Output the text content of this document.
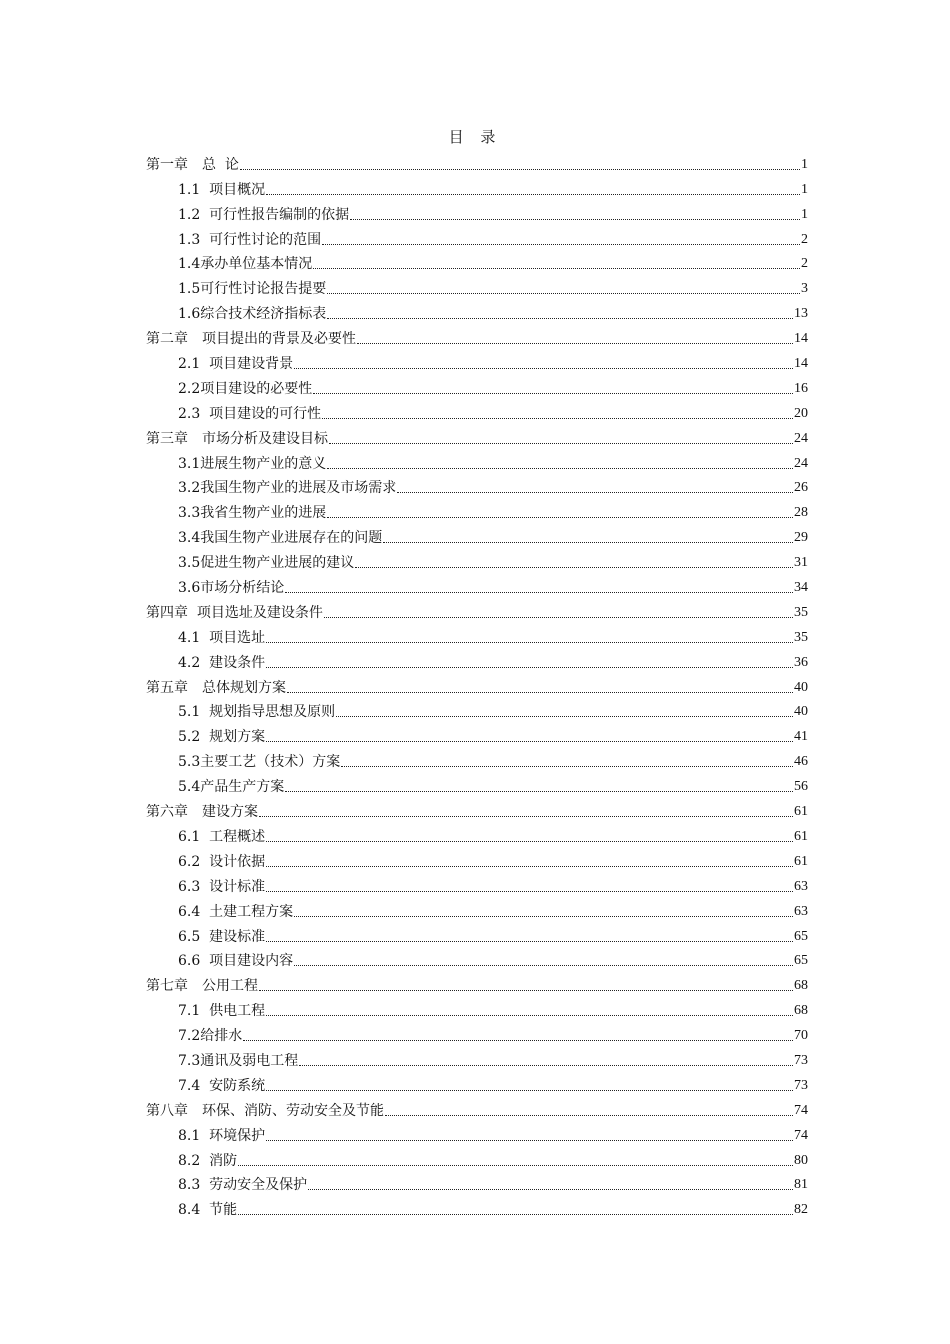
目 录
第一章　总  论	1
1.1  项目概况	1
1.2  可行性报告编制的依据	1
1.3  可行性讨论的范围	2
1.4承办单位基本情况	2
1.5可行性讨论报告提要	3
1.6综合技术经济指标表	13
第二章　项目提出的背景及必要性	14
2.1  项目建设背景	14
2.2项目建设的必要性	16
2.3  项目建设的可行性	20
第三章　市场分析及建设目标	24
3.1进展生物产业的意义	24
3.2我国生物产业的进展及市场需求	26
3.3我省生物产业的进展	28
3.4我国生物产业进展存在的问题	29
3.5促进生物产业进展的建议	31
3.6市场分析结论	34
第四章  项目选址及建设条件	35
4.1  项目选址	35
4.2  建设条件	36
第五章　总体规划方案	40
5.1  规划指导思想及原则	40
5.2  规划方案	41
5.3主要工艺（技术）方案	46
5.4产品生产方案	56
第六章　建设方案	61
6.1  工程概述	61
6.2  设计依据	61
6.3  设计标准	63
6.4  土建工程方案	63
6.5  建设标准	65
6.6  项目建设内容	65
第七章　公用工程	68
7.1  供电工程	68
7.2给排水	70
7.3通讯及弱电工程	73
7.4  安防系统	73
第八章　环保、消防、劳动安全及节能	74
8.1  环境保护	74
8.2  消防	80
8.3  劳动安全及保护	81
8.4  节能	82
